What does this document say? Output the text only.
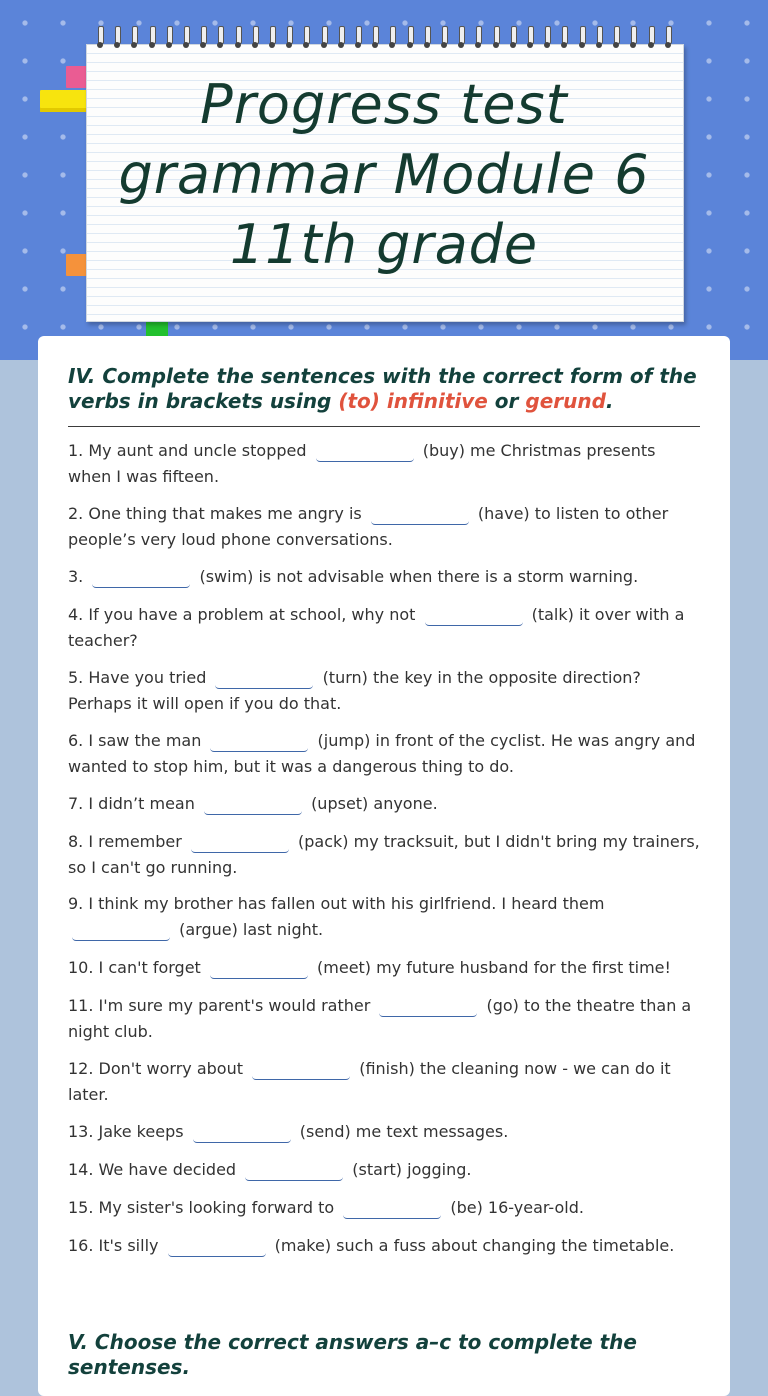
Progress test grammar Module 6 11th grade
IV. Complete the sentences with the correct form of the verbs in brackets using (to) infinitive or gerund.

1. My aunt and uncle stopped	(buy) me Christmas presents when I was fifteen.

2. One thing that makes me angry is	(have) to listen to other people’s very loud phone conversations.

3.	(swim) is not advisable when there is a storm warning.

4. If you have a problem at school, why not	(talk) it over with a teacher?

5. Have you tried	(turn) the key in the opposite direction? Perhaps it will open if you do that.

6. I saw the man	(jump) in front of the cyclist. He was angry and wanted to stop him, but it was a dangerous thing to do.

7. I didn’t mean	(upset) anyone.

8. I remember	(pack) my tracksuit, but I didn't bring my trainers, so I can't go running.

9. I think my brother has fallen out with his girlfriend. I heard them  (argue) last night.

10. I can't forget	(meet) my future husband for the first time!

11. I'm sure my parent's would rather	(go) to the theatre than a night club.

12. Don't worry about	(finish) the cleaning now - we can do it later.

13. Jake keeps	(send) me text messages.

14. We have decided	(start) jogging.

15. My sister's looking forward to	(be) 16-year-old.

16. It's silly	(make) such a fuss about changing the timetable.

V. Choose the correct answers a–c to complete the sentenses.
